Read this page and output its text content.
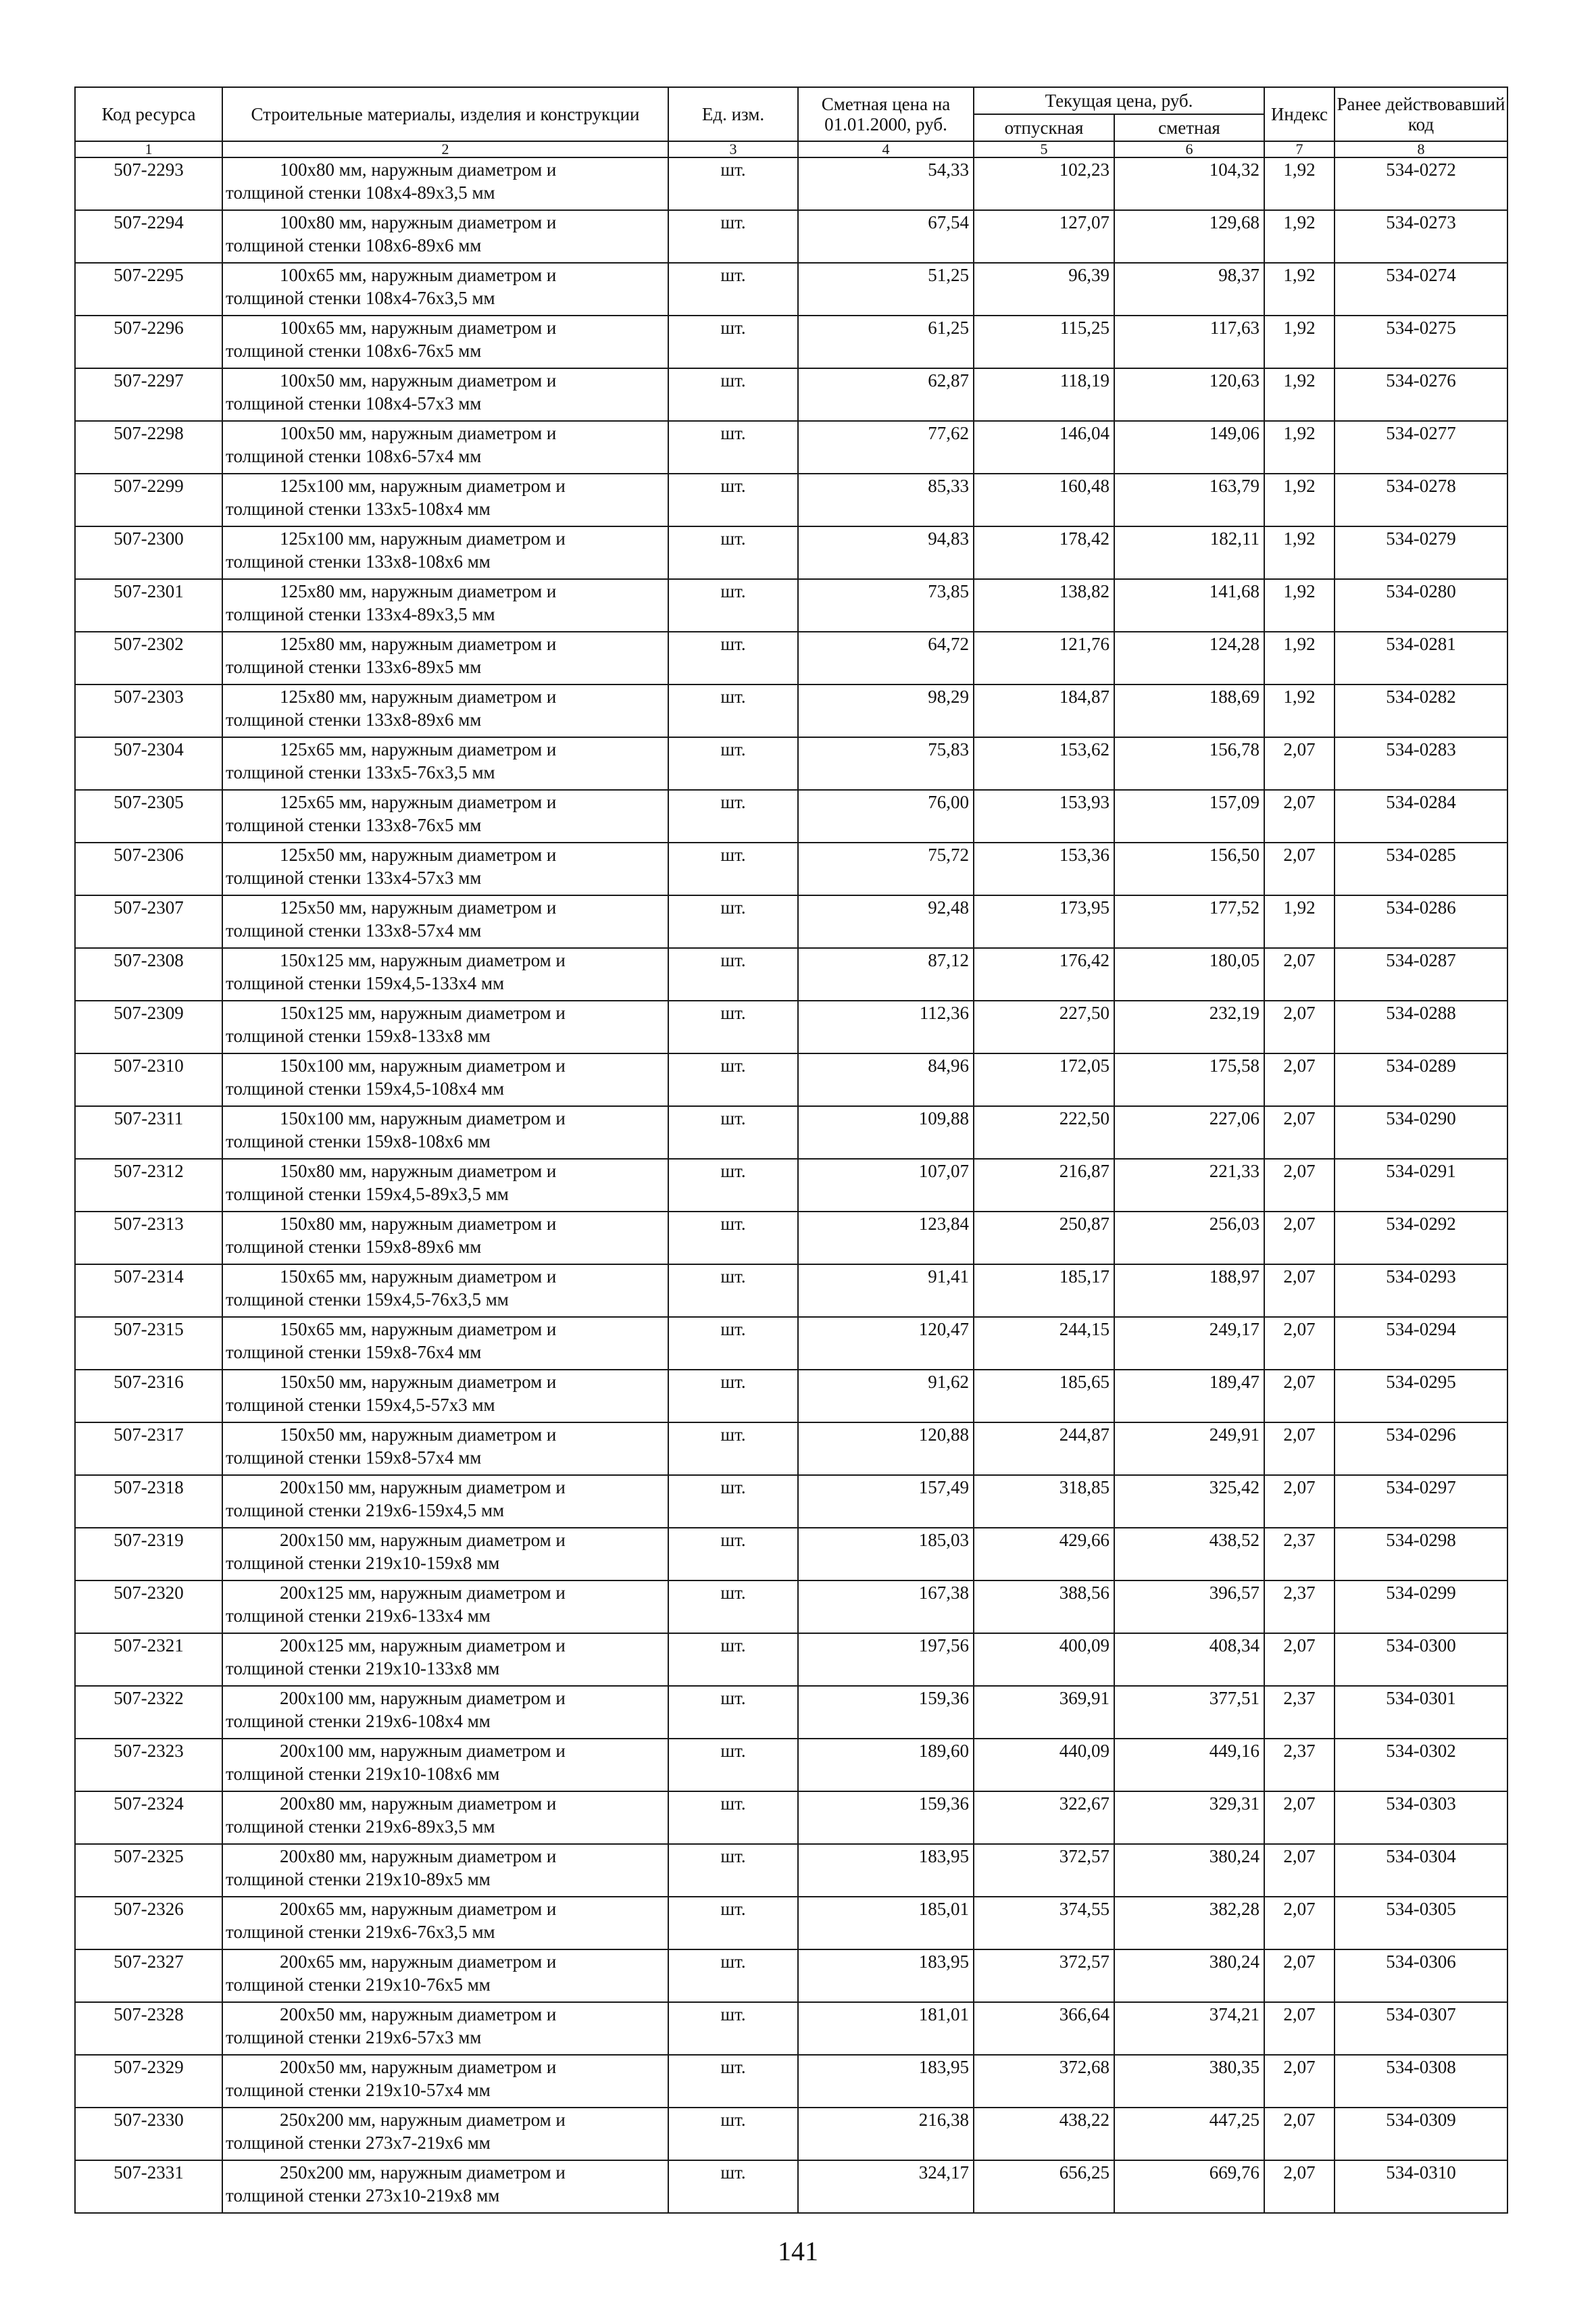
Код ресурса	Строительные материалы, изделия и конструкции	Ед. изм.	Сметная цена на 01.01.2000, руб.	Текущая цена, руб.		Индекс	Ранее действовавший код
				отпускная	сметная		
1	2	3	4	5	6	7	8
507-2293	100х80 мм, наружным диаметром и
толщиной стенки 108х4-89х3,5 мм	шт.	54,33	102,23	104,32	1,92	534-0272
507-2294	100х80 мм, наружным диаметром и
толщиной стенки 108х6-89х6 мм	шт.	67,54	127,07	129,68	1,92	534-0273
507-2295	100х65 мм, наружным диаметром и
толщиной стенки 108х4-76х3,5 мм	шт.	51,25	96,39	98,37	1,92	534-0274
507-2296	100х65 мм, наружным диаметром и
толщиной стенки 108х6-76х5 мм	шт.	61,25	115,25	117,63	1,92	534-0275
507-2297	100х50 мм, наружным диаметром и
толщиной стенки 108х4-57х3 мм	шт.	62,87	118,19	120,63	1,92	534-0276
507-2298	100х50 мм, наружным диаметром и
толщиной стенки 108х6-57х4 мм	шт.	77,62	146,04	149,06	1,92	534-0277
507-2299	125х100 мм, наружным диаметром и
толщиной стенки 133х5-108х4 мм	шт.	85,33	160,48	163,79	1,92	534-0278
507-2300	125х100 мм, наружным диаметром и
толщиной стенки 133х8-108х6 мм	шт.	94,83	178,42	182,11	1,92	534-0279
507-2301	125х80 мм, наружным диаметром и
толщиной стенки 133х4-89х3,5 мм	шт.	73,85	138,82	141,68	1,92	534-0280
507-2302	125х80 мм, наружным диаметром и
толщиной стенки 133х6-89х5 мм	шт.	64,72	121,76	124,28	1,92	534-0281
507-2303	125х80 мм, наружным диаметром и
толщиной стенки 133х8-89х6 мм	шт.	98,29	184,87	188,69	1,92	534-0282
507-2304	125х65 мм, наружным диаметром и
толщиной стенки 133х5-76х3,5 мм	шт.	75,83	153,62	156,78	2,07	534-0283
507-2305	125х65 мм, наружным диаметром и
толщиной стенки 133х8-76х5 мм	шт.	76,00	153,93	157,09	2,07	534-0284
507-2306	125х50 мм, наружным диаметром и
толщиной стенки 133х4-57х3 мм	шт.	75,72	153,36	156,50	2,07	534-0285
507-2307	125х50 мм, наружным диаметром и
толщиной стенки 133х8-57х4 мм	шт.	92,48	173,95	177,52	1,92	534-0286
507-2308	150х125 мм, наружным диаметром и
толщиной стенки 159х4,5-133х4 мм	шт.	87,12	176,42	180,05	2,07	534-0287
507-2309	150х125 мм, наружным диаметром и
толщиной стенки 159х8-133х8 мм	шт.	112,36	227,50	232,19	2,07	534-0288
507-2310	150х100 мм, наружным диаметром и
толщиной стенки 159х4,5-108х4 мм	шт.	84,96	172,05	175,58	2,07	534-0289
507-2311	150х100 мм, наружным диаметром и
толщиной стенки 159х8-108х6 мм	шт.	109,88	222,50	227,06	2,07	534-0290
507-2312	150х80 мм, наружным диаметром и
толщиной стенки 159х4,5-89х3,5 мм	шт.	107,07	216,87	221,33	2,07	534-0291
507-2313	150х80 мм, наружным диаметром и
толщиной стенки 159х8-89х6 мм	шт.	123,84	250,87	256,03	2,07	534-0292
507-2314	150х65 мм, наружным диаметром и
толщиной стенки 159х4,5-76х3,5 мм	шт.	91,41	185,17	188,97	2,07	534-0293
507-2315	150х65 мм, наружным диаметром и
толщиной стенки 159х8-76х4 мм	шт.	120,47	244,15	249,17	2,07	534-0294
507-2316	150х50 мм, наружным диаметром и
толщиной стенки 159х4,5-57х3 мм	шт.	91,62	185,65	189,47	2,07	534-0295
507-2317	150х50 мм, наружным диаметром и
толщиной стенки 159х8-57х4 мм	шт.	120,88	244,87	249,91	2,07	534-0296
507-2318	200х150 мм, наружным диаметром и
толщиной стенки 219х6-159х4,5 мм	шт.	157,49	318,85	325,42	2,07	534-0297
507-2319	200х150 мм, наружным диаметром и
толщиной стенки 219х10-159х8 мм	шт.	185,03	429,66	438,52	2,37	534-0298
507-2320	200х125 мм, наружным диаметром и
толщиной стенки 219х6-133х4 мм	шт.	167,38	388,56	396,57	2,37	534-0299
507-2321	200х125 мм, наружным диаметром и
толщиной стенки 219х10-133х8 мм	шт.	197,56	400,09	408,34	2,07	534-0300
507-2322	200х100 мм, наружным диаметром и
толщиной стенки 219х6-108х4 мм	шт.	159,36	369,91	377,51	2,37	534-0301
507-2323	200х100 мм, наружным диаметром и
толщиной стенки 219х10-108х6 мм	шт.	189,60	440,09	449,16	2,37	534-0302
507-2324	200х80 мм, наружным диаметром и
толщиной стенки 219х6-89х3,5 мм	шт.	159,36	322,67	329,31	2,07	534-0303
507-2325	200х80 мм, наружным диаметром и
толщиной стенки 219х10-89х5 мм	шт.	183,95	372,57	380,24	2,07	534-0304
507-2326	200х65 мм, наружным диаметром и
толщиной стенки 219х6-76х3,5 мм	шт.	185,01	374,55	382,28	2,07	534-0305
507-2327	200х65 мм, наружным диаметром и
толщиной стенки 219х10-76х5 мм	шт.	183,95	372,57	380,24	2,07	534-0306
507-2328	200х50 мм, наружным диаметром и
толщиной стенки 219х6-57х3 мм	шт.	181,01	366,64	374,21	2,07	534-0307
507-2329	200х50 мм, наружным диаметром и
толщиной стенки 219х10-57х4 мм	шт.	183,95	372,68	380,35	2,07	534-0308
507-2330	250х200 мм, наружным диаметром и
толщиной стенки 273х7-219х6 мм	шт.	216,38	438,22	447,25	2,07	534-0309
507-2331	250х200 мм, наружным диаметром и
толщиной стенки 273х10-219х8 мм	шт.	324,17	656,25	669,76	2,07	534-0310
141
